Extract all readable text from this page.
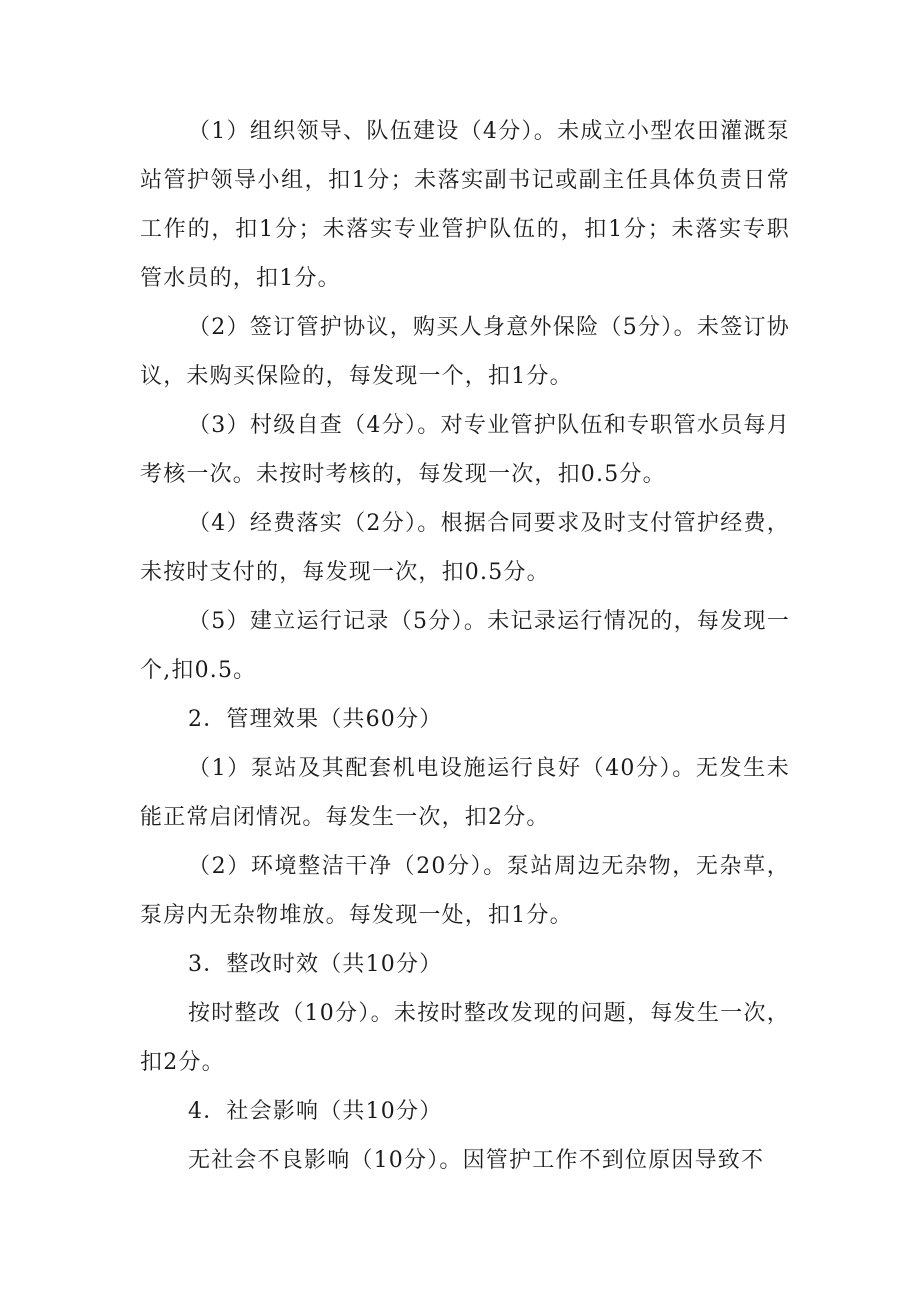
（1）组织领导、队伍建设（4分）。未成立小型农田灌溉泵站管护领导小组，扣1分；未落实副书记或副主任具体负责日常工作的，扣1分；未落实专业管护队伍的，扣1分；未落实专职管水员的，扣1分。

（2）签订管护协议，购买人身意外保险（5分）。未签订协议，未购买保险的，每发现一个，扣1分。

（3）村级自查（4分）。对专业管护队伍和专职管水员每月考核一次。未按时考核的，每发现一次，扣0.5分。

（4）经费落实（2分）。根据合同要求及时支付管护经费，未按时支付的，每发现一次，扣0.5分。

（5）建立运行记录（5分）。未记录运行情况的，每发现一个,扣0.5。

2．管理效果（共60分）

（1）泵站及其配套机电设施运行良好（40分）。无发生未能正常启闭情况。每发生一次，扣2分。

（2）环境整洁干净（20分）。泵站周边无杂物，无杂草，泵房内无杂物堆放。每发现一处，扣1分。

3．整改时效（共10分）

按时整改（10分）。未按时整改发现的问题，每发生一次，扣2分。

4．社会影响（共10分）

无社会不良影响（10分）。因管护工作不到位原因导致不
